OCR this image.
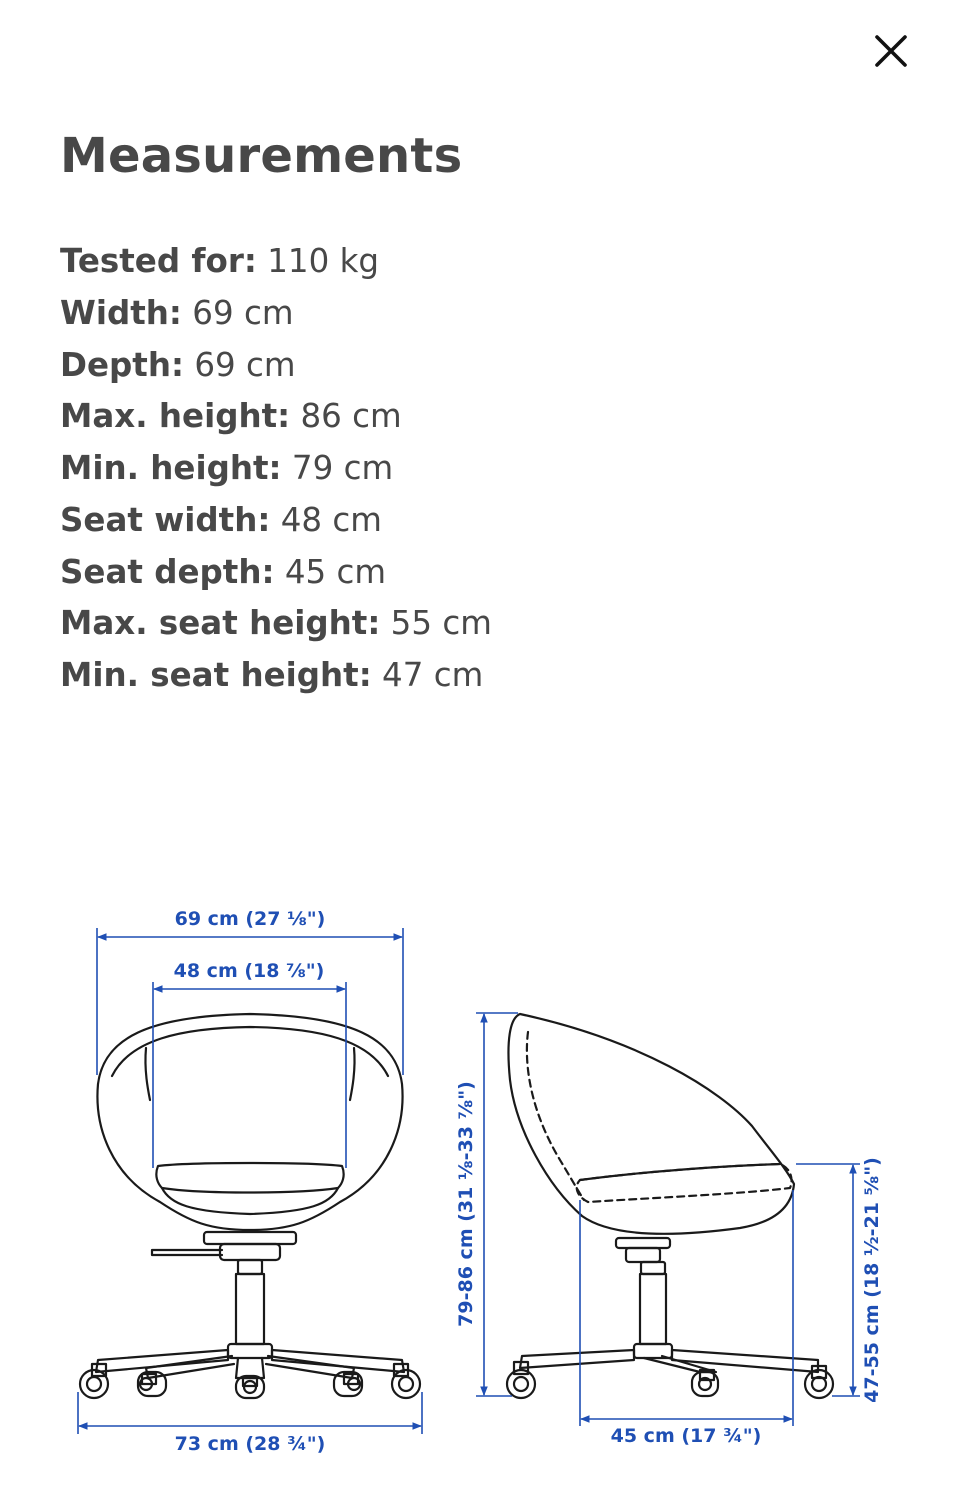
Measurements
Tested for: 110 kg
Width: 69 cm
Depth: 69 cm
Max. height: 86 cm
Min. height: 79 cm
Seat width: 48 cm
Seat depth: 45 cm
Max. seat height: 55 cm
Min. seat height: 47 cm
69 cm (27 ⅛")
48 cm (18 ⅞")
73 cm (28 ¾")
79-86 cm (31 ⅛-33 ⅞")	47-55 cm (18 ½-21 ⅝")
45 cm (17 ¾")
